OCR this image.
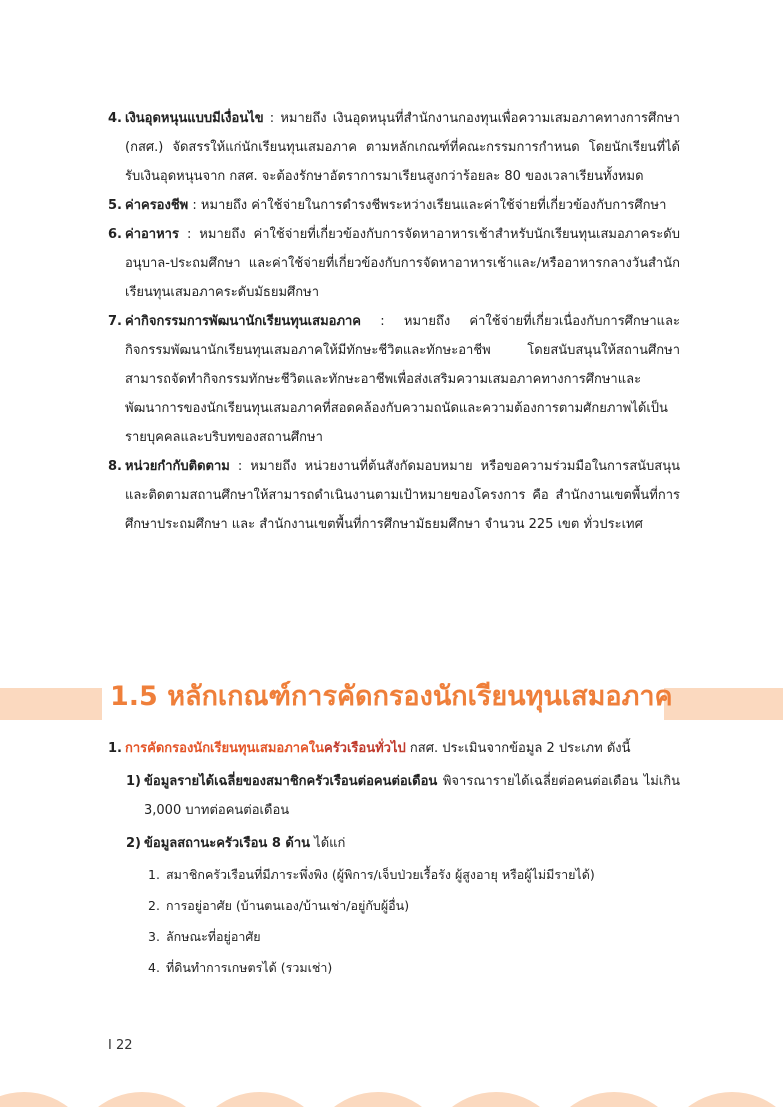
4. เงินอุดหนุนแบบมีเงื่อนไข : หมายถึง เงินอุดหนุนที่สำนักงานกองทุนเพื่อความเสมอภาคทางการศึกษา (กสศ.) จัดสรรให้แก่นักเรียนทุนเสมอภาค ตามหลักเกณฑ์ที่คณะกรรมการกำหนด โดยนักเรียนที่ได้รับเงินอุดหนุนจาก กสศ. จะต้องรักษาอัตราการมาเรียนสูงกว่าร้อยละ 80 ของเวลาเรียนทั้งหมด
5. ค่าครองชีพ : หมายถึง ค่าใช้จ่ายในการดำรงชีพระหว่างเรียนและค่าใช้จ่ายที่เกี่ยวข้องกับการศึกษา
6. ค่าอาหาร : หมายถึง ค่าใช้จ่ายที่เกี่ยวข้องกับการจัดหาอาหารเช้าสำหรับนักเรียนทุนเสมอภาคระดับ อนุบาล-ประถมศึกษา และค่าใช้จ่ายที่เกี่ยวข้องกับการจัดหาอาหารเช้าและ/หรืออาหารกลางวันสำนักเรียนทุนเสมอภาคระดับมัธยมศึกษา
7. ค่ากิจกรรมการพัฒนานักเรียนทุนเสมอภาค : หมายถึง ค่าใช้จ่ายที่เกี่ยวเนื่องกับการศึกษาและกิจกรรมพัฒนานักเรียนทุนเสมอภาคให้มีทักษะชีวิตและทักษะอาชีพ โดยสนับสนุนให้สถานศึกษาสามารถจัดทำกิจกรรมทักษะชีวิตและทักษะอาชีพเพื่อส่งเสริมความเสมอภาคทางการศึกษาและพัฒนาการของนักเรียนทุนเสมอภาคที่สอดคล้องกับความถนัดและความต้องการตามศักยภาพได้เป็นรายบุคคลและบริบทของสถานศึกษา
8. หน่วยกำกับติดตาม : หมายถึง หน่วยงานที่ต้นสังกัดมอบหมาย หรือขอความร่วมมือในการสนับสนุน และติดตามสถานศึกษาให้สามารถดำเนินงานตามเป้าหมายของโครงการ คือ สำนักงานเขตพื้นที่การศึกษาประถมศึกษา และ สำนักงานเขตพื้นที่การศึกษามัธยมศึกษา จำนวน 225 เขต ทั่วประเทศ
1.5 หลักเกณฑ์การคัดกรองนักเรียนทุนเสมอภาค
1. การคัดกรองนักเรียนทุนเสมอภาคในครัวเรือนทั่วไป กสศ. ประเมินจากข้อมูล 2 ประเภท ดังนี้
1) ข้อมูลรายได้เฉลี่ยของสมาชิกครัวเรือนต่อคนต่อเดือน พิจารณารายได้เฉลี่ยต่อคนต่อเดือน ไม่เกิน 3,000 บาทต่อคนต่อเดือน
2) ข้อมูลสถานะครัวเรือน 8 ด้าน ได้แก่
1. สมาชิกครัวเรือนที่มีภาระพึ่งพิง (ผู้พิการ/เจ็บป่วยเรื้อรัง ผู้สูงอายุ หรือผู้ไม่มีรายได้)
2. การอยู่อาศัย (บ้านตนเอง/บ้านเช่า/อยู่กับผู้อื่น)
3. ลักษณะที่อยู่อาศัย
4. ที่ดินทำการเกษตรได้ (รวมเช่า)
I 22
